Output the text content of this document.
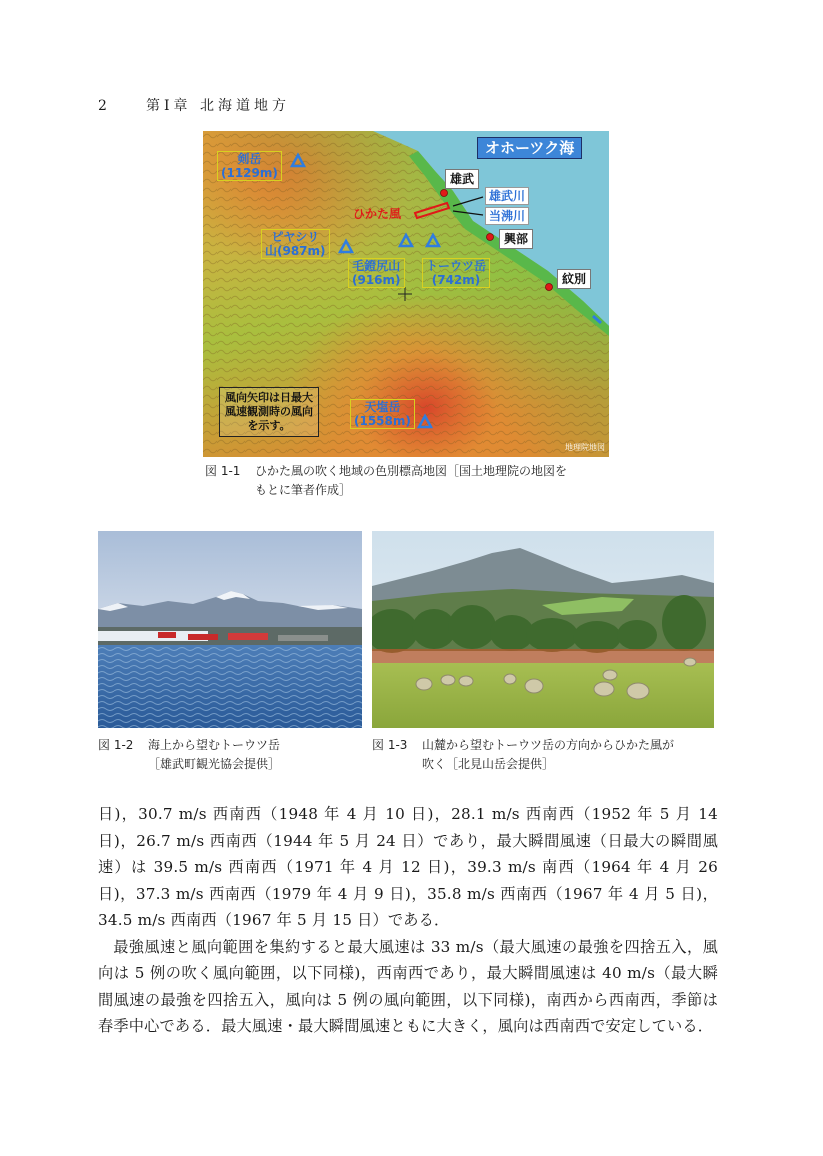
2	第Ⅰ章 北海道地方
オホーツク海
剣岳
(1129m)
ピヤシリ
山(987m)
毛鐙尻山
(916m)
トーウツ岳
(742m)
天塩岳
(1558m)
雄武
興部
紋別
雄武川
当沸川
ひかた風
風向矢印は日最大
風速観測時の風向
を示す。
地理院地図
図 1-1 ひかた風の吹く地域の色別標高地図［国土地理院の地図を
もとに筆者作成］
図 1-2 海上から望むトーウツ岳
［雄武町観光協会提供］
図 1-3 山麓から望むトーウツ岳の方向からひかた風が
吹く［北見山岳会提供］

日)，30.7 m/s 西南西（1948 年 4 月 10 日)，28.1 m/s 西南西（1952 年 5 月 14 日)，26.7 m/s 西南西（1944 年 5 月 24 日）であり，最大瞬間風速（日最大の瞬間風速）は 39.5 m/s 西南西（1971 年 4 月 12 日)，39.3 m/s 南西（1964 年 4 月 26 日)，37.3 m/s 西南西（1979 年 4 月 9 日)，35.8 m/s 西南西（1967 年 4 月 5 日)，34.5 m/s 西南西（1967 年 5 月 15 日）である．

最強風速と風向範囲を集約すると最大風速は 33 m/s（最大風速の最強を四捨五入，風向は 5 例の吹く風向範囲，以下同様)，西南西であり，最大瞬間風速は 40 m/s（最大瞬間風速の最強を四捨五入，風向は 5 例の風向範囲，以下同様)，南西から西南西，季節は春季中心である．最大風速・最大瞬間風速ともに大きく，風向は西南西で安定している．
